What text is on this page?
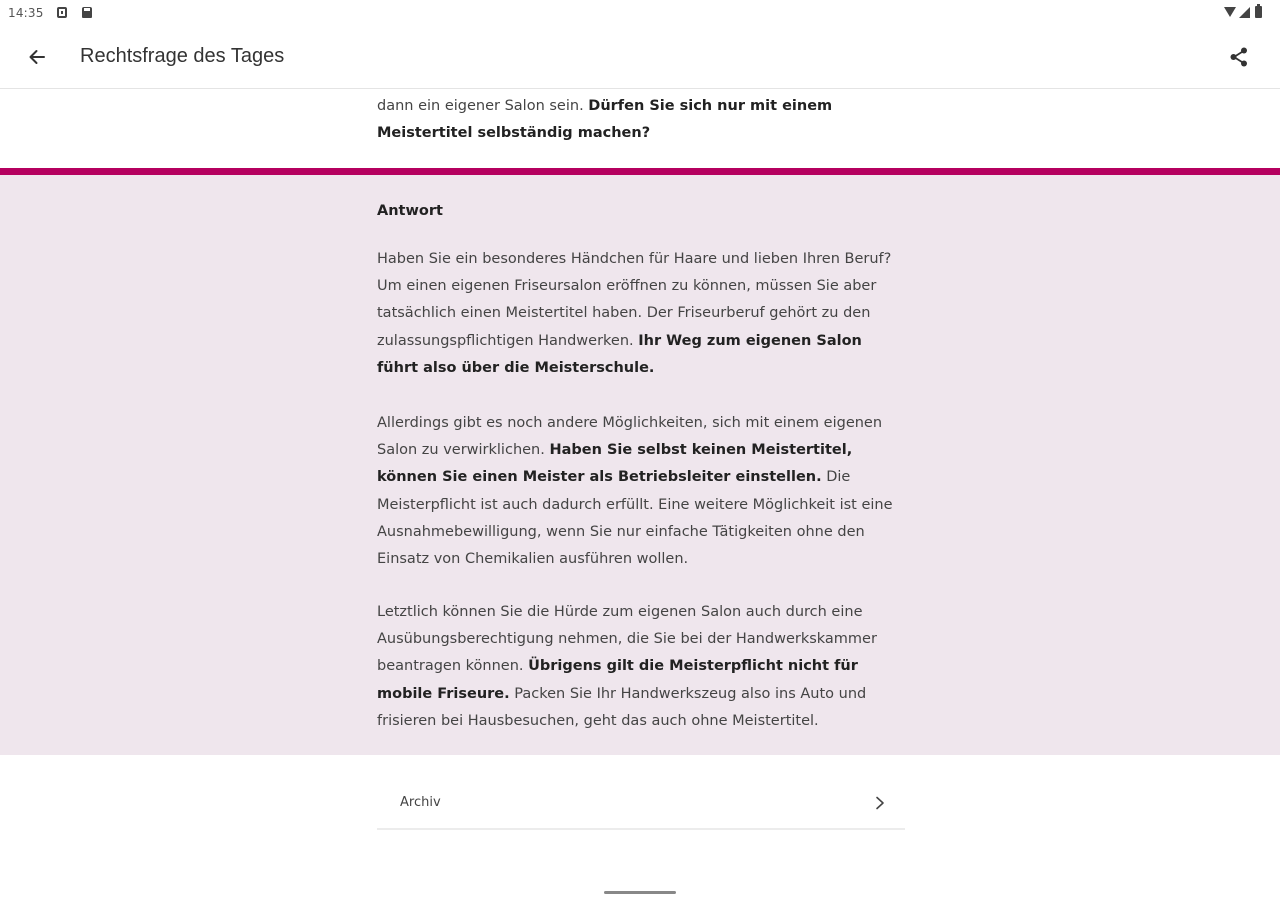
14:35
Rechtsfrage des Tages

dann ein eigener Salon sein. Dürfen Sie sich nur mit einem Meistertitel selbständig machen?

Antwort

Haben Sie ein besonderes Händchen für Haare und lieben Ihren Beruf? Um einen eigenen Friseursalon eröffnen zu können, müssen Sie aber tatsächlich einen Meistertitel haben. Der Friseurberuf gehört zu den zulassungspflichtigen Handwerken. Ihr Weg zum eigenen Salon führt also über die Meisterschule.

Allerdings gibt es noch andere Möglichkeiten, sich mit einem eigenen Salon zu verwirklichen. Haben Sie selbst keinen Meistertitel, können Sie einen Meister als Betriebsleiter einstellen. Die Meisterpflicht ist auch dadurch erfüllt. Eine weitere Möglichkeit ist eine Ausnahmebewilligung, wenn Sie nur einfache Tätigkeiten ohne den Einsatz von Chemikalien ausführen wollen.

Letztlich können Sie die Hürde zum eigenen Salon auch durch eine Ausübungsberechtigung nehmen, die Sie bei der Handwerkskammer beantragen können. Übrigens gilt die Meisterpflicht nicht für mobile Friseure. Packen Sie Ihr Handwerkszeug also ins Auto und frisieren bei Hausbesuchen, geht das auch ohne Meistertitel.

Archiv
